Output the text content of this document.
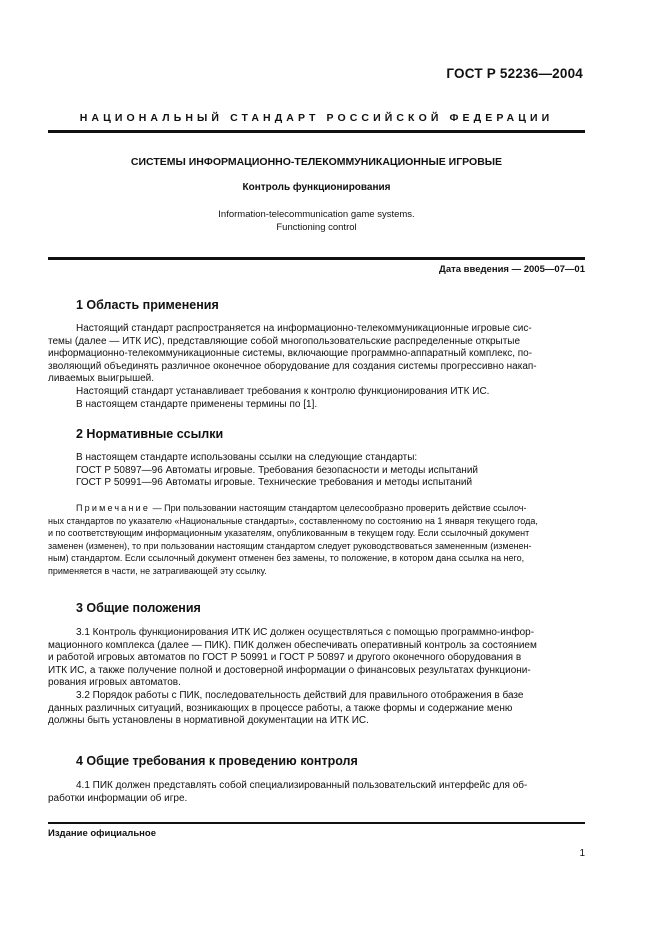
ГОСТ Р 52236—2004
НАЦИОНАЛЬНЫЙ СТАНДАРТ РОССИЙСКОЙ ФЕДЕРАЦИИ
СИСТЕМЫ ИНФОРМАЦИОННО-ТЕЛЕКОММУНИКАЦИОННЫЕ ИГРОВЫЕ
Контроль функционирования
Information-telecommunication game systems.
Functioning control
Дата введения — 2005—07—01
1 Область применения
Настоящий стандарт распространяется на информационно-телекоммуникационные игровые сис-
темы (далее — ИТК ИС), представляющие собой многопользовательские распределенные открытые
информационно-телекоммуникационные системы, включающие программно-аппаратный комплекс, по-
зволяющий объединять различное оконечное оборудование для создания системы прогрессивно накап-
ливаемых выигрышей.
Настоящий стандарт устанавливает требования к контролю функционирования ИТК ИС.
В настоящем стандарте применены термины по [1].
2 Нормативные ссылки
В настоящем стандарте использованы ссылки на следующие стандарты:
ГОСТ Р 50897—96 Автоматы игровые. Требования безопасности и методы испытаний
ГОСТ Р 50991—96 Автоматы игровые. Технические требования и методы испытаний
Примечание — При пользовании настоящим стандартом целесообразно проверить действие ссылоч-
ных стандартов по указателю «Национальные стандарты», составленному по состоянию на 1 января текущего года,
и по соответствующим информационным указателям, опубликованным в текущем году. Если ссылочный документ
заменен (изменен), то при пользовании настоящим стандартом следует руководствоваться замененным (изменен-
ным) стандартом. Если ссылочный документ отменен без замены, то положение, в котором дана ссылка на него,
применяется в части, не затрагивающей эту ссылку.
3 Общие положения
3.1 Контроль функционирования ИТК ИС должен осуществляться с помощью программно-инфор-
мационного комплекса (далее — ПИК). ПИК должен обеспечивать оперативный контроль за состоянием
и работой игровых автоматов по ГОСТ Р 50991 и ГОСТ Р 50897 и другого оконечного оборудования в
ИТК ИС, а также получение полной и достоверной информации о финансовых результатах функциони-
рования игровых автоматов.
3.2 Порядок работы с ПИК, последовательность действий для правильного отображения в базе
данных различных ситуаций, возникающих в процессе работы, а также формы и содержание меню
должны быть установлены в нормативной документации на ИТК ИС.
4 Общие требования к проведению контроля
4.1 ПИК должен представлять собой специализированный пользовательский интерфейс для об-
работки информации об игре.
Издание официальное
1
